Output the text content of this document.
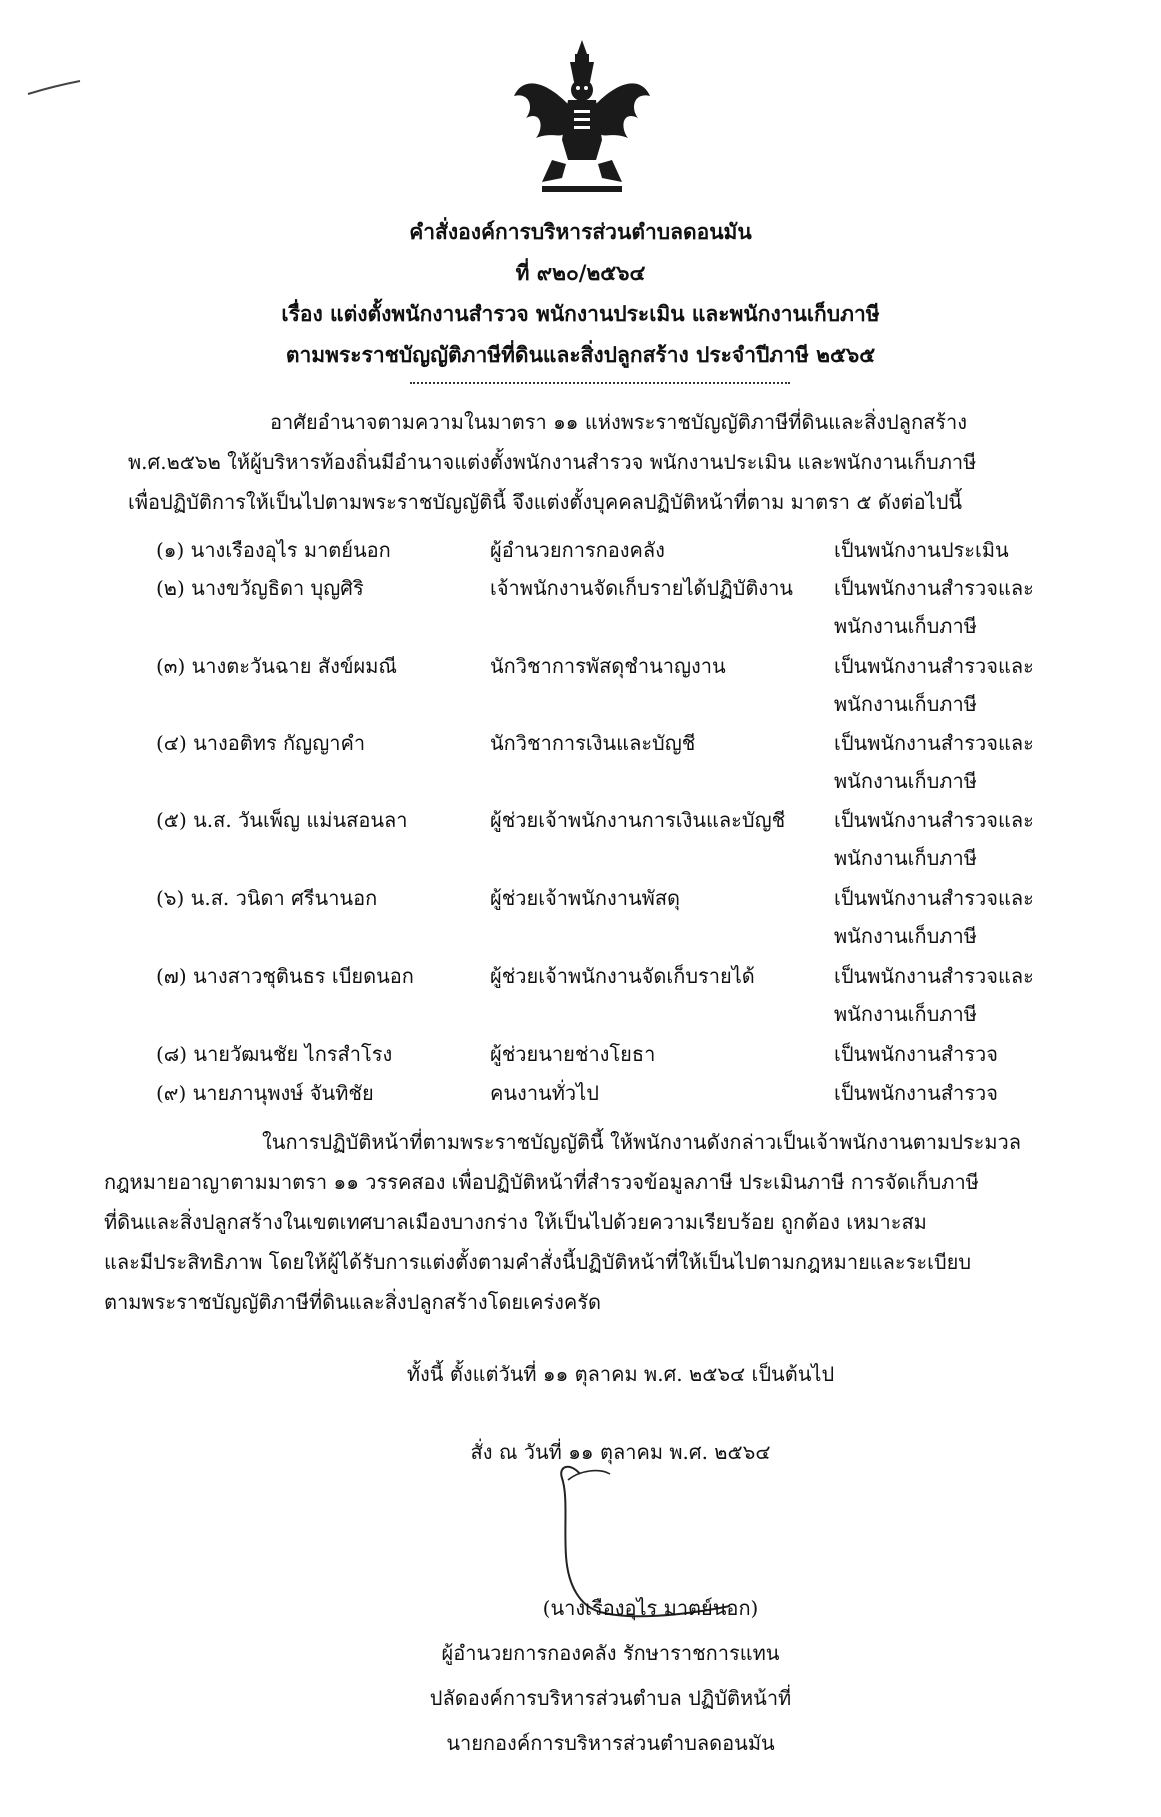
คำสั่งองค์การบริหารส่วนตำบลดอนมัน
ที่ ๙๒๐/๒๕๖๔
เรื่อง แต่งตั้งพนักงานสำรวจ พนักงานประเมิน และพนักงานเก็บภาษี
ตามพระราชบัญญัติภาษีที่ดินและสิ่งปลูกสร้าง ประจำปีภาษี ๒๕๖๕
อาศัยอำนาจตามความในมาตรา ๑๑ แห่งพระราชบัญญัติภาษีที่ดินและสิ่งปลูกสร้าง
พ.ศ.๒๕๖๒ ให้ผู้บริหารท้องถิ่นมีอำนาจแต่งตั้งพนักงานสำรวจ พนักงานประเมิน และพนักงานเก็บภาษี
เพื่อปฏิบัติการให้เป็นไปตามพระราชบัญญัตินี้ จึงแต่งตั้งบุคคลปฏิบัติหน้าที่ตาม มาตรา ๕ ดังต่อไปนี้
(๑) นางเรืองอุไร มาตย์นอก	ผู้อำนวยการกองคลัง	เป็นพนักงานประเมิน
(๒) นางขวัญธิดา บุญศิริ	เจ้าพนักงานจัดเก็บรายได้ปฏิบัติงาน เป็นพนักงานสำรวจและ
พนักงานเก็บภาษี
(๓) นางตะวันฉาย สังข์ผมณี	นักวิชาการพัสดุชำนาญงาน	เป็นพนักงานสำรวจและ
พนักงานเก็บภาษี
(๔) นางอติทร กัญญาคำ	นักวิชาการเงินและบัญชี	เป็นพนักงานสำรวจและ
พนักงานเก็บภาษี
(๕) น.ส. วันเพ็ญ แม่นสอนลา	ผู้ช่วยเจ้าพนักงานการเงินและบัญชี เป็นพนักงานสำรวจและ
พนักงานเก็บภาษี
(๖) น.ส. วนิดา ศรีนานอก	ผู้ช่วยเจ้าพนักงานพัสดุ	เป็นพนักงานสำรวจและ
พนักงานเก็บภาษี
(๗) นางสาวชุตินธร เบียดนอก	ผู้ช่วยเจ้าพนักงานจัดเก็บรายได้	เป็นพนักงานสำรวจและ
พนักงานเก็บภาษี
(๘) นายวัฒนชัย ไกรสำโรง	ผู้ช่วยนายช่างโยธา	เป็นพนักงานสำรวจ
(๙) นายภานุพงษ์ จันทิชัย	คนงานทั่วไป	เป็นพนักงานสำรวจ
ในการปฏิบัติหน้าที่ตามพระราชบัญญัตินี้ ให้พนักงานดังกล่าวเป็นเจ้าพนักงานตามประมวล
กฎหมายอาญาตามมาตรา ๑๑ วรรคสอง เพื่อปฏิบัติหน้าที่สำรวจข้อมูลภาษี ประเมินภาษี การจัดเก็บภาษี
ที่ดินและสิ่งปลูกสร้างในเขตเทศบาลเมืองบางกร่าง ให้เป็นไปด้วยความเรียบร้อย ถูกต้อง เหมาะสม
และมีประสิทธิภาพ โดยให้ผู้ได้รับการแต่งตั้งตามคำสั่งนี้ปฏิบัติหน้าที่ให้เป็นไปตามกฎหมายและระเบียบ
ตามพระราชบัญญัติภาษีที่ดินและสิ่งปลูกสร้างโดยเคร่งครัด
ทั้งนี้ ตั้งแต่วันที่ ๑๑ ตุลาคม พ.ศ. ๒๕๖๔ เป็นต้นไป
สั่ง ณ วันที่ ๑๑ ตุลาคม พ.ศ. ๒๕๖๔
(นางเรืองอุไร มาตย์นอก)
ผู้อำนวยการกองคลัง รักษาราชการแทน
ปลัดองค์การบริหารส่วนตำบล ปฏิบัติหน้าที่
นายกองค์การบริหารส่วนตำบลดอนมัน
